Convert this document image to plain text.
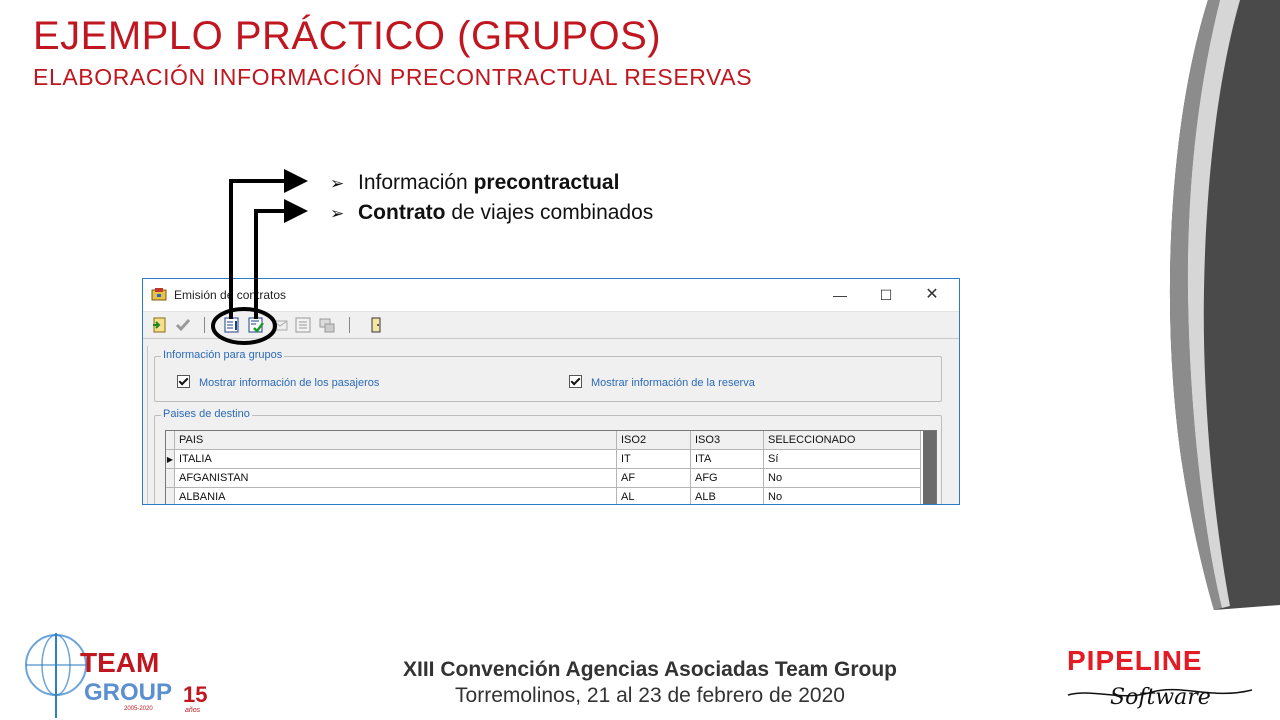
EJEMPLO PRÁCTICO (GRUPOS)
ELABORACIÓN INFORMACIÓN PRECONTRACTUAL RESERVAS
➢ Información precontractual
➢ Contrato de viajes combinados
Emisión de contratos	—	☐	✕
Información para grupos
Mostrar información de los pasajeros	Mostrar información de la reserva
Paises de destino
	PAIS	ISO2	ISO3	SELECCIONADO
▶	ITALIA	IT	ITA	Sí
	AFGANISTAN	AF	AFG	No
	ALBANIA	AL	ALB	No
TEAM
GROUP 15
años
2005-2020
XIII Convención Agencias Asociadas Team Group
Torremolinos, 21 al 23 de febrero de 2020
PIPELINE
Software
